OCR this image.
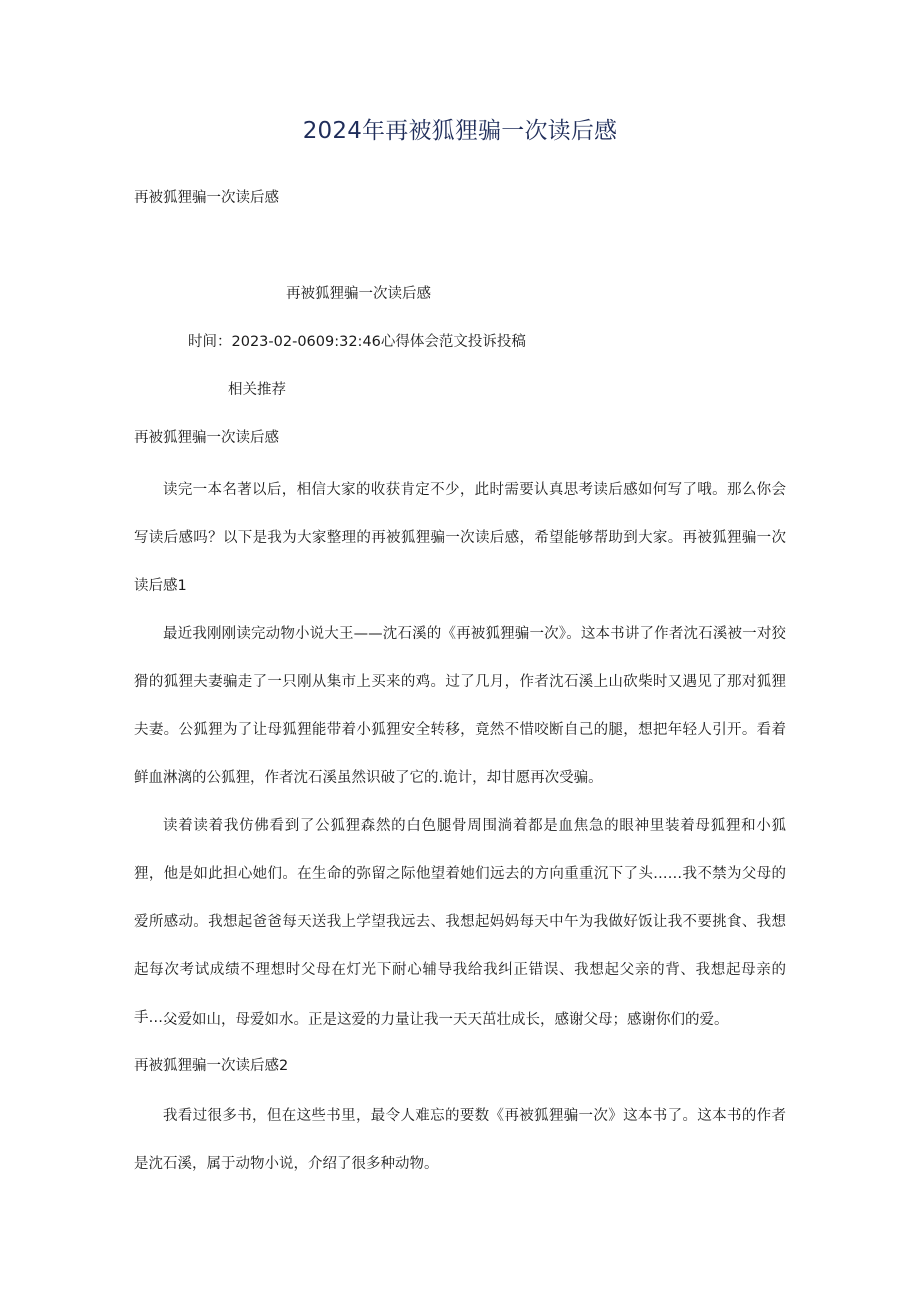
2024年再被狐狸骗一次读后感
再被狐狸骗一次读后感
再被狐狸骗一次读后感
时间：2023-02-0609:32:46心得体会范文投诉投稿
相关推荐
再被狐狸骗一次读后感
读完一本名著以后，相信大家的收获肯定不少，此时需要认真思考读后感如何写了哦。那么你会写读后感吗？以下是我为大家整理的再被狐狸骗一次读后感，希望能够帮助到大家。再被狐狸骗一次读后感1
最近我刚刚读完动物小说大王——沈石溪的《再被狐狸骗一次》。这本书讲了作者沈石溪被一对狡猾的狐狸夫妻骗走了一只刚从集市上买来的鸡。过了几月，作者沈石溪上山砍柴时又遇见了那对狐狸夫妻。公狐狸为了让母狐狸能带着小狐狸安全转移，竟然不惜咬断自己的腿，想把年轻人引开。看着鲜血淋漓的公狐狸，作者沈石溪虽然识破了它的.诡计，却甘愿再次受骗。
读着读着我仿佛看到了公狐狸森然的白色腿骨周围淌着都是血焦急的眼神里装着母狐狸和小狐狸，他是如此担心她们。在生命的弥留之际他望着她们远去的方向重重沉下了头……我不禁为父母的爱所感动。我想起爸爸每天送我上学望我远去、我想起妈妈每天中午为我做好饭让我不要挑食、我想起每次考试成绩不理想时父母在灯光下耐心辅导我给我纠正错误、我想起父亲的背、我想起母亲的手……
父爱如山，母爱如水。正是这爱的力量让我一天天茁壮成长，感谢父母；感谢你们的爱。
再被狐狸骗一次读后感2
我看过很多书，但在这些书里，最令人难忘的要数《再被狐狸骗一次》这本书了。这本书的作者是沈石溪，属于动物小说，介绍了很多种动物。
